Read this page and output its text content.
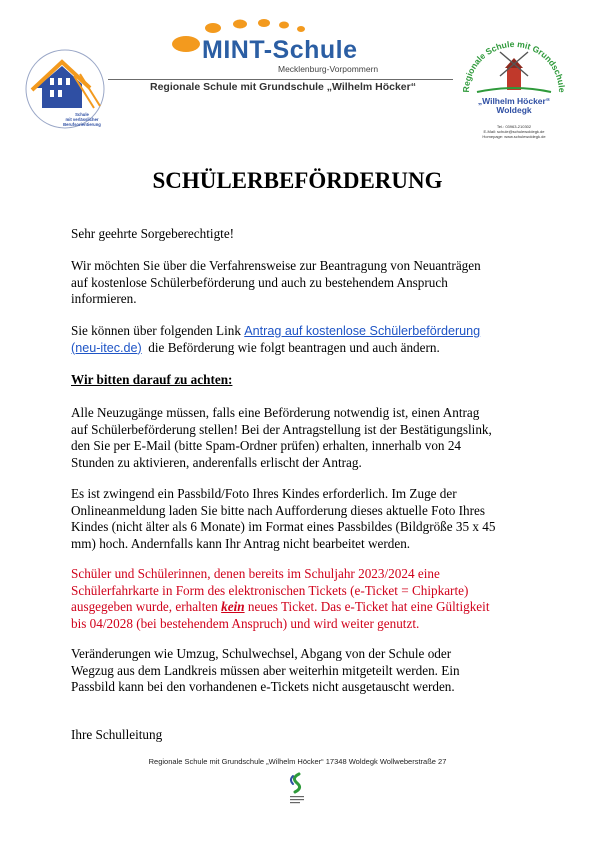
Schule
mit verlässlicher
Berufsorientierung
MINT-Schule
Mecklenburg-Vorpommern
Regionale Schule mit Grundschule „Wilhelm Höcker“	Regionale Schule mit Grundschule
„Wilhelm Höcker“
Woldegk
Tel.: 03963-210302
E-Mail: schule@schulewoldegk.de
Homepage: www.schulewoldegk.de
SCHÜLERBEFÖRDERUNG
Sehr geehrte Sorgeberechtigte!
Wir möchten Sie über die Verfahrensweise zur Beantragung von Neuanträgen
auf kostenlose Schülerbeförderung und auch zu bestehendem Anspruch
informieren.
Sie können über folgenden Link Antrag auf kostenlose Schülerbeförderung
(neu-itec.de)  die Beförderung wie folgt beantragen und auch ändern.
Wir bitten darauf zu achten:
Alle Neuzugänge müssen, falls eine Beförderung notwendig ist, einen Antrag
auf Schülerbeförderung stellen! Bei der Antragstellung ist der Bestätigungslink,
den Sie per E-Mail (bitte Spam-Ordner prüfen) erhalten, innerhalb von 24
Stunden zu aktivieren, anderenfalls erlischt der Antrag.
Es ist zwingend ein Passbild/Foto Ihres Kindes erforderlich. Im Zuge der
Onlineanmeldung laden Sie bitte nach Aufforderung dieses aktuelle Foto Ihres
Kindes (nicht älter als 6 Monate) im Format eines Passbildes (Bildgröße 35 x 45
mm) hoch. Andernfalls kann Ihr Antrag nicht bearbeitet werden.
Schüler und Schülerinnen, denen bereits im Schuljahr 2023/2024 eine
Schülerfahrkarte in Form des elektronischen Tickets (e-Ticket = Chipkarte)
ausgegeben wurde, erhalten kein neues Ticket. Das e-Ticket hat eine Gültigkeit
bis 04/2028 (bei bestehendem Anspruch) und wird weiter genutzt.
Veränderungen wie Umzug, Schulwechsel, Abgang von der Schule oder
Wegzug aus dem Landkreis müssen aber weiterhin mitgeteilt werden. Ein
Passbild kann bei den vorhandenen e-Tickets nicht ausgetauscht werden.
Ihre Schulleitung
Regionale Schule mit Grundschule „Wilhelm Höcker“ 17348 Woldegk Wollweberstraße 27
